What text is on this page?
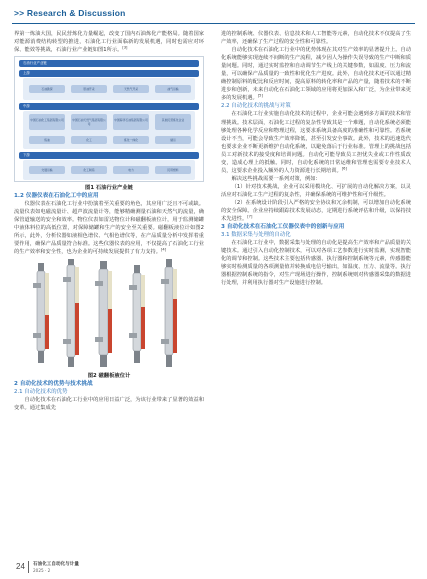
>> Research & Discussion

界第一炼油大国，民民营炼化力量崛起，改变了国内石油炼化产能格局。随着国家对能源消费结构转型的推进，石油化工行业面临新的发展机遇，同时也需应对环保、能效等挑战，石油行业产业链如图1所示。[3]

石油行业产业链
上游
石油勘探	原油开采	天然气开采	油气运输
中游
中国石油化工集团有限公司	中国石油天然气集团有限公司
中国海洋石油集团有限公司	其他民营炼化企业
炼油	化工	炼化一体化	储运
下游
交通运输	化工制造	电力	民用燃料

图1 石油行业产业链

1.2 仪器仪表在石油化工中的应用

仪器仪表在石油化工行业中扮演着至关重要的角色，其应用广泛且不可或缺。流量仪表如电磁流量计、超声波流量计等，能够精确测量石油和天然气的流量，确保管道输送的安全和效率。物位仪表如雷达物位计和磁翻板液位计，用于监测储罐中液体料位的高低位置，对保障储罐和生产的安全至关重要。磁翻板液位计如图2所示，此外，分析仪器如液相色谱仪、气相色谱仪等，在产品质量分析中发挥着重要作用，确保产品质量符合标准。这些仪器仪表的应用，不仅提高了石油化工行业的生产效率和安全性，也为企业的可持续发展提供了有力支持。[4]

图2 磁翻板液位计

2 自动化技术的优势与技术挑战

2.1 自动化技术的优势

自动化技术在石油化工行业中的应用日益广泛，为该行业带来了显著的效益和变革。通过集成先

进的控制系统、仪器仪表、信息技术和人工智能等元素，自动化技术不仅提高了生产效率，还确保了生产过程的安全性和可靠性。

自动化技术在石油化工行业中的优势体现在其对生产效率的显著提升上。自动化系统能够实现连续不间断的生产流程，减少因人为操作失误导致的生产中断和质量问题。同时，通过实时监控和自动调节生产线上的关键参数，如温度、压力和流量，可以确保产品质量的一致性和优化生产进度。此外，自动化技术还可以通过精确控制原料的配比和反应时间，提高原料的转化率和产品的产量，随着技术的不断进步和创新，未来自动化在石油化工领域的应用将更加深入和广泛，为企业带来更多的发展机遇。[5]

2.2 自动化技术的挑战与对策

在石油化工行业实施自动化技术的过程中，企业可能会遇到多方面的技术和管理挑战。技术层面，石油化工过程的复杂性导致其是一个难题，自动化系统必须能够处理各种化学反应和物理过程，这要求系统具备高度的准确性和可靠性。若系统设计不当，可能会导致生产效率降低，甚至引发安全事故。此外，技术的迅速迭代也要求企业不断更新维护自动化系统，以避免落后于行业标准。管理上的挑战包括员工对新技术的接受度和培训问题。自动化可能导致员工担忧失业或工作性质改变，造成心理上的抵触。同时，自动化系统的日常运维和管理也需要专业技术人员，这要求企业投入额外的人力资源进行长期培训。[6]

解决这些挑战需要一系列对策，例如：

（1）针对技术挑战，企业可以采用模块化、可扩展的自动化解决方案，以灵活应对石油化工生产过程的复杂性，并确保系统的可维护性和可升级性。

（2）在系统设计阶段引入严格的安全协议和冗余机制，可以增加自动化系统的安全保障。企业应持续跟踪技术发展动态，定期进行系统评估和升级，以保持技术先进性。[7]

3 自动化技术在石油化工仪器仪表中的创新与应用

3.1 数据采集与处理的自动化

在石油化工行业中，数据采集与处理的自动化是提高生产效率和产品质量的关键技术。通过引入自动化控制技术，可以对各项工艺参数进行实时监测，实现智能化的调节和控制。这些技术主要包括传感器、执行器和控制系统等元素，传感器能够实时检测质量的各项测量值并转换成电信号输出，如温度、压力、流量等。执行器根据控制系统的指令，对生产现场进行操作，控制系统则对传感器采集的数据进行处理，并利用执行器对生产设施进行控制。

24 石油化工自动化与计量
2025 · 2
